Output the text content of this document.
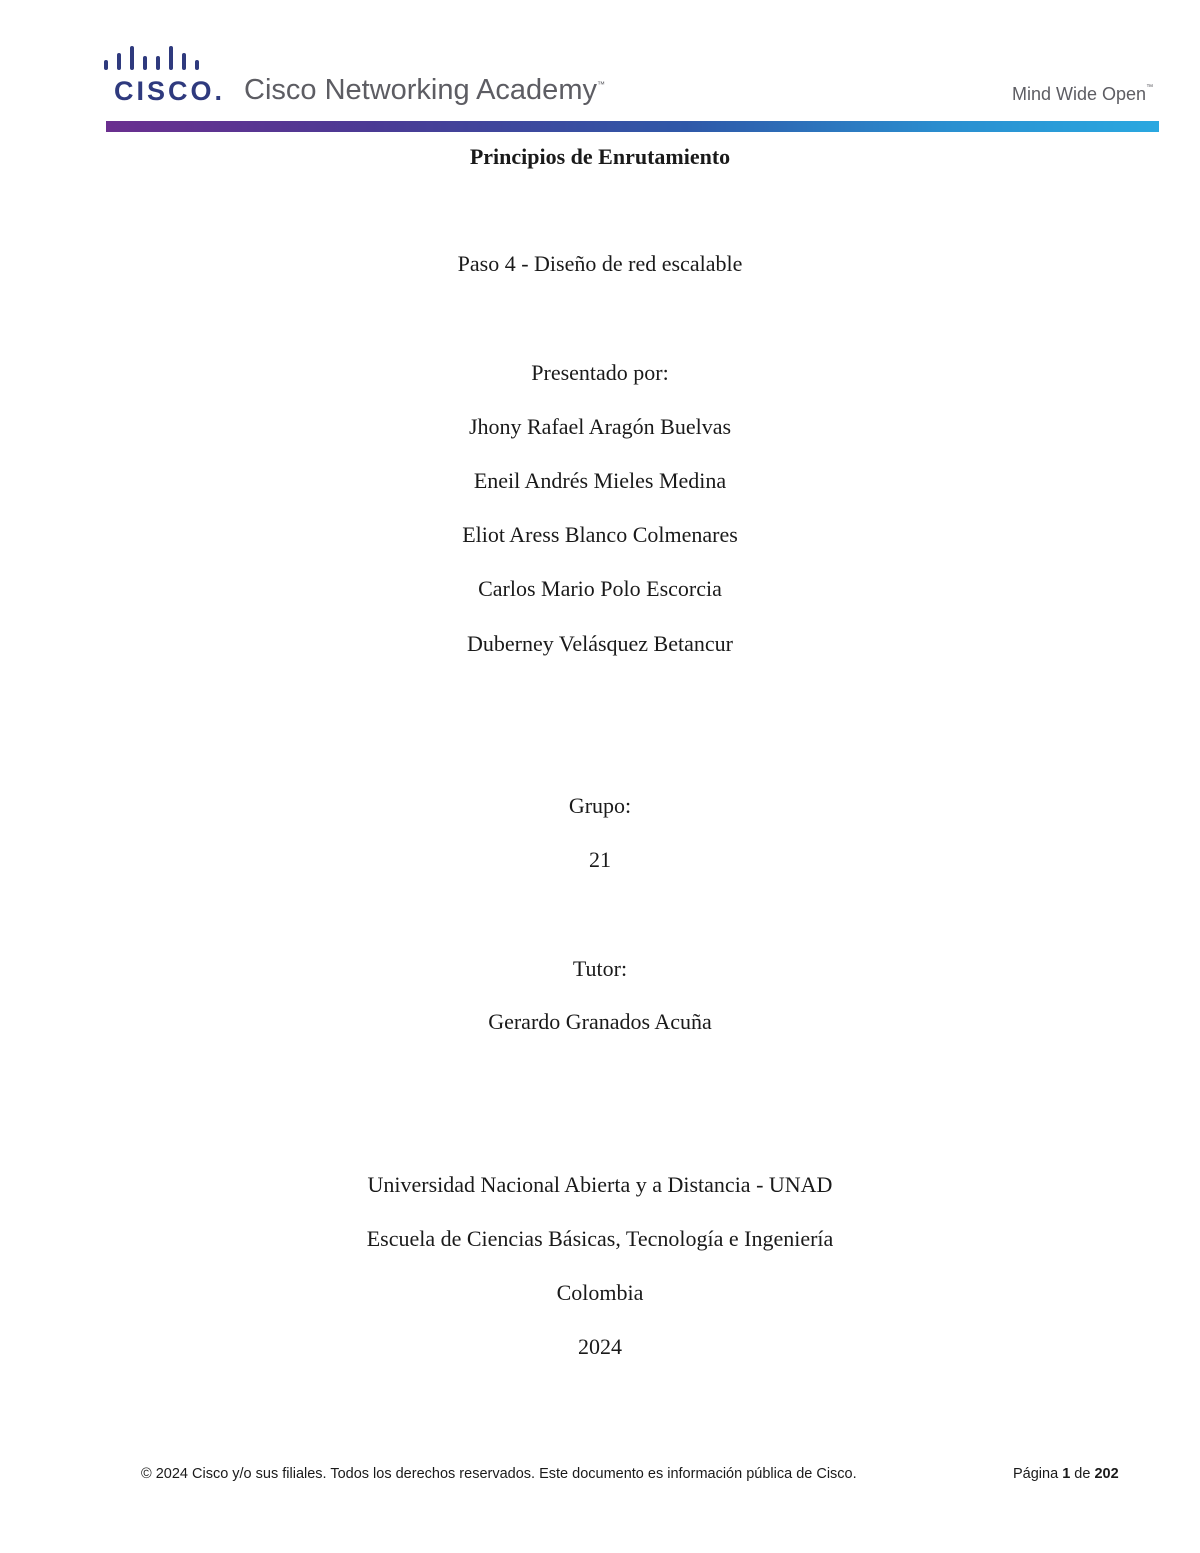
CISCO. Cisco Networking Academy™	Mind Wide Open™
Principios de Enrutamiento
Paso 4 - Diseño de red escalable
Presentado por:
Jhony Rafael Aragón Buelvas
Eneil Andrés Mieles Medina
Eliot Aress Blanco Colmenares
Carlos Mario Polo Escorcia
Duberney Velásquez Betancur
Grupo:
21
Tutor:
Gerardo Granados Acuña
Universidad Nacional Abierta y a Distancia - UNAD
Escuela de Ciencias Básicas, Tecnología e Ingeniería
Colombia
2024
© 2024 Cisco y/o sus filiales. Todos los derechos reservados. Este documento es información pública de Cisco.	Página 1 de 202
